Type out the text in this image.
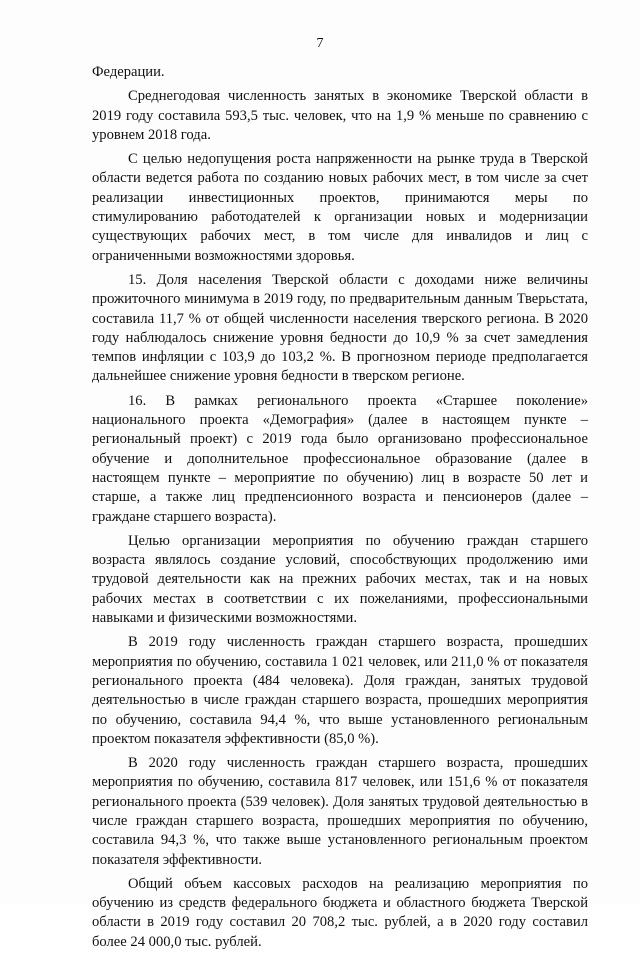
7

Федерации.

Среднегодовая численность занятых в экономике Тверской области в 2019 году составила 593,5 тыс. человек, что на 1,9 % меньше по сравнению с уровнем 2018 года.

С целью недопущения роста напряженности на рынке труда в Тверской области ведется работа по созданию новых рабочих мест, в том числе за счет реализации инвестиционных проектов, принимаются меры по стимулированию работодателей к организации новых и модернизации существующих рабочих мест, в том числе для инвалидов и лиц с ограниченными возможностями здоровья.

15. Доля населения Тверской области с доходами ниже величины прожиточного минимума в 2019 году, по предварительным данным Тверьстата, составила 11,7 % от общей численности населения тверского региона. В 2020 году наблюдалось снижение уровня бедности до 10,9 % за счет замедления темпов инфляции с 103,9 до 103,2 %. В прогнозном периоде предполагается дальнейшее снижение уровня бедности в тверском регионе.

16. В рамках регионального проекта «Старшее поколение» национального проекта «Демография» (далее в настоящем пункте – региональный проект) с 2019 года было организовано профессиональное обучение и дополнительное профессиональное образование (далее в настоящем пункте – мероприятие по обучению) лиц в возрасте 50 лет и старше, а также лиц предпенсионного возраста и пенсионеров (далее – граждане старшего возраста).

Целью организации мероприятия по обучению граждан старшего возраста являлось создание условий, способствующих продолжению ими трудовой деятельности как на прежних рабочих местах, так и на новых рабочих местах в соответствии с их пожеланиями, профессиональными навыками и физическими возможностями.

В 2019 году численность граждан старшего возраста, прошедших мероприятия по обучению, составила 1 021 человек, или 211,0 % от показателя регионального проекта (484 человека). Доля граждан, занятых трудовой деятельностью в числе граждан старшего возраста, прошедших мероприятия по обучению, составила 94,4 %, что выше установленного региональным проектом показателя эффективности (85,0 %).

В 2020 году численность граждан старшего возраста, прошедших мероприятия по обучению, составила 817 человек, или 151,6 % от показателя регионального проекта (539 человек). Доля занятых трудовой деятельностью в числе граждан старшего возраста, прошедших мероприятия по обучению, составила 94,3 %, что также выше установленного региональным проектом показателя эффективности.

Общий объем кассовых расходов на реализацию мероприятия по обучению из средств федерального бюджета и областного бюджета Тверской области в 2019 году составил 20 708,2 тыс. рублей, а в 2020 году составил более 24 000,0 тыс. рублей.
